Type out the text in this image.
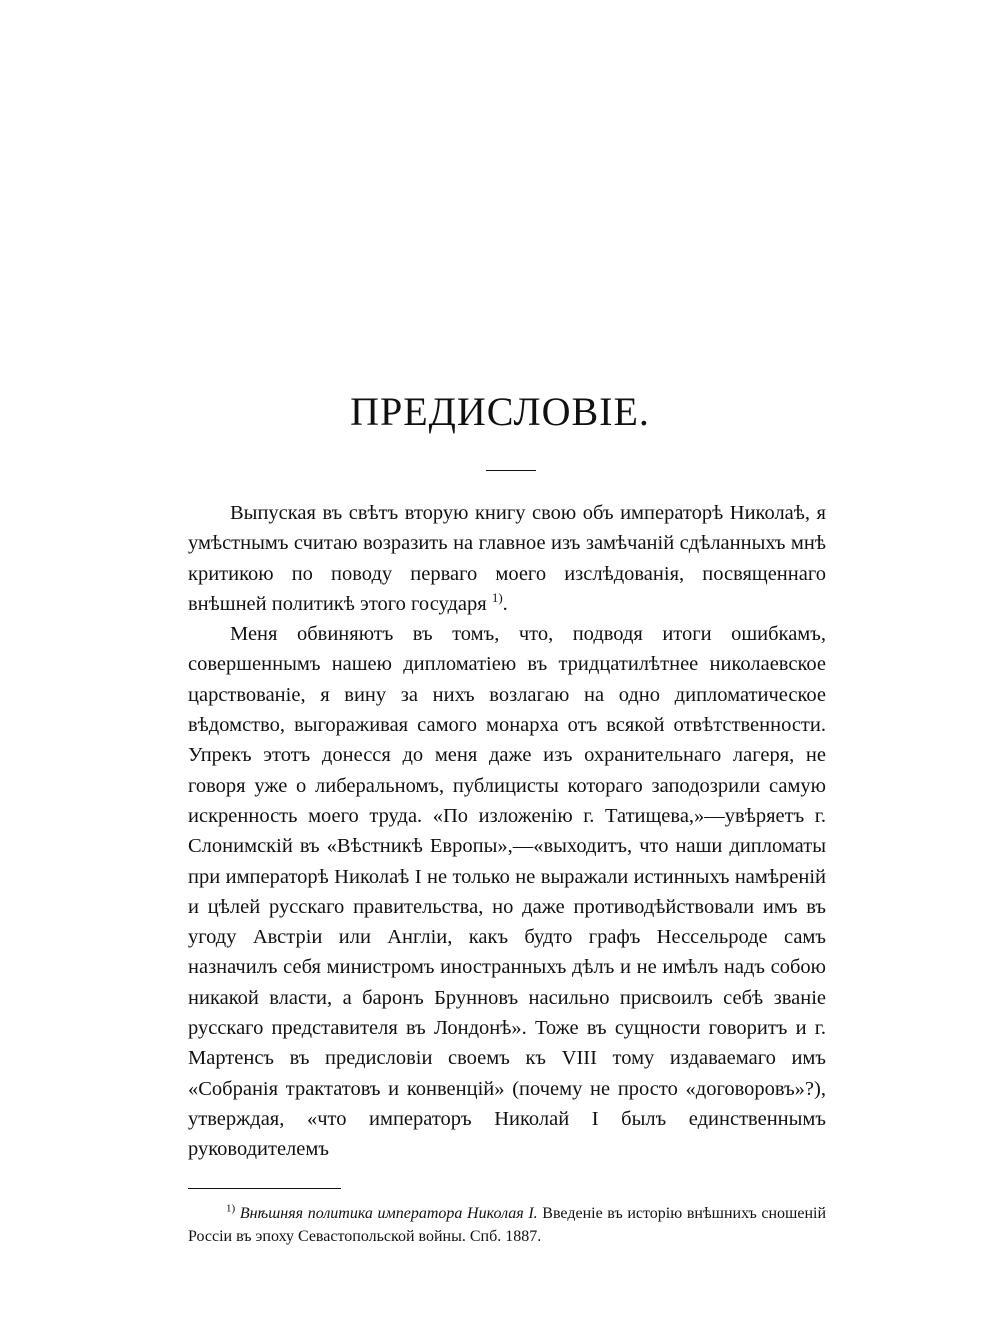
ПРЕДИСЛОВІЕ.

Выпуская въ свѣтъ вторую книгу свою объ императорѣ Николаѣ, я умѣстнымъ считаю возразить на главное изъ замѣчаній сдѣланныхъ мнѣ критикою по поводу перваго моего изслѣдованія, посвященнаго внѣшней политикѣ этого государя $^{1)}$.

Меня обвиняютъ въ томъ, что, подводя итоги ошибкамъ, совершеннымъ нашею дипломатіею въ тридцатилѣтнее николаевское царствованіе, я вину за нихъ возлагаю на одно дипломатическое вѣдомство, выгораживая самого монарха отъ всякой отвѣтственности. Упрекъ этотъ донесся до меня даже изъ охранительнаго лагеря, не говоря уже о либеральномъ, публицисты котораго заподозрили самую искренность моего труда. «По изложенію г. Татищева,»—увѣряетъ г. Слонимскій въ «Вѣстникѣ Европы»,—«выходитъ, что наши дипломаты при императорѣ Николаѣ I не только не выражали истинныхъ намѣреній и цѣлей русскаго правительства, но даже противодѣйствовали имъ въ угоду Австріи или Англіи, какъ будто графъ Нессельроде самъ назначилъ себя министромъ иностранныхъ дѣлъ и не имѣлъ надъ собою никакой власти, а баронъ Брунновъ насильно присвоилъ себѣ званіе русскаго представителя въ Лондонѣ». Тоже въ сущности говоритъ и г. Мартенсъ въ предисловіи своемъ къ VIII тому издаваемаго имъ «Собранія трактатовъ и конвенцій» (почему не просто «договоровъ»?), утверждая, «что императоръ Николай I былъ единственнымъ руководителемъ

$^{1)}$ Внѣшняя политика императора Николая I. Введеніе въ исторію внѣшнихъ сношеній Россіи въ эпоху Севастопольской войны. Спб. 1887.
